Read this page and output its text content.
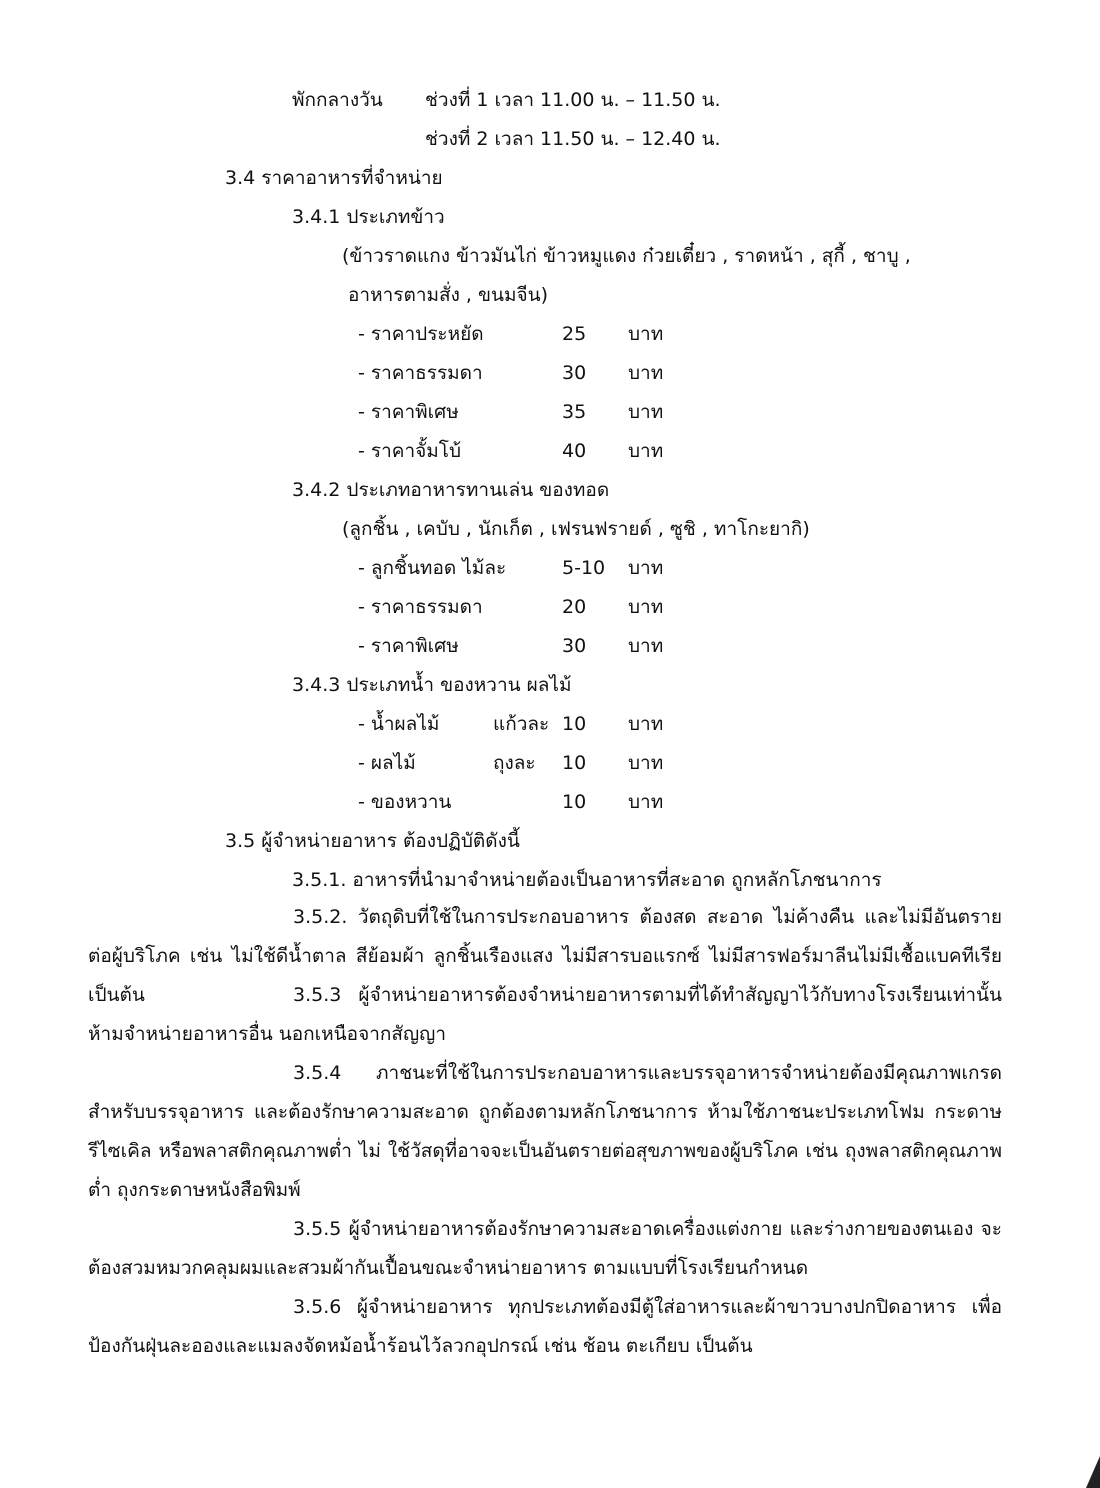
พักกลางวัน ช่วงที่ 1 เวลา 11.00 น. – 11.50 น.
ช่วงที่ 2 เวลา 11.50 น. – 12.40 น.
3.4 ราคาอาหารที่จำหน่าย
3.4.1 ประเภทข้าว
(ข้าวราดแกง ข้าวมันไก่ ข้าวหมูแดง ก๋วยเตี๋ยว , ราดหน้า , สุกี้ , ชาบู ,
อาหารตามสั่ง , ขนมจีน)
- ราคาประหยัด	25 บาท
- ราคาธรรมดา	30 บาท
- ราคาพิเศษ	35 บาท
- ราคาจั้มโบ้	40 บาท
3.4.2 ประเภทอาหารทานเล่น ของทอด
(ลูกชิ้น , เคบับ , นักเก็ต , เฟรนฟรายด์ , ซูชิ , ทาโกะยากิ)
- ลูกชิ้นทอด ไม้ละ	5-10 บาท
- ราคาธรรมดา	20 บาท
- ราคาพิเศษ	30 บาท
3.4.3 ประเภทน้ำ ของหวาน ผลไม้
- น้ำผลไม้	แก้วละ 10 บาท
- ผลไม้	ถุงละ 10 บาท
- ของหวาน	10 บาท
3.5 ผู้จำหน่ายอาหาร ต้องปฏิบัติดังนี้
3.5.1. อาหารที่นำมาจำหน่ายต้องเป็นอาหารที่สะอาด ถูกหลักโภชนาการ

3.5.2. วัตถุดิบที่ใช้ในการประกอบอาหาร ต้องสด สะอาด ไม่ค้างคืน และไม่มีอันตรายต่อผู้บริโภค เช่น ไม่ใช้ดีน้ำตาล สีย้อมผ้า ลูกชิ้นเรืองแสง ไม่มีสารบอแรกซ์ ไม่มีสารฟอร์มาลีนไม่มีเชื้อแบคทีเรีย เป็นต้น	3.5.3 ผู้จำหน่ายอาหารต้องจำหน่ายอาหารตามที่ได้ทำสัญญาไว้กับทางโรงเรียนเท่านั้น ห้ามจำหน่ายอาหารอื่น นอกเหนือจากสัญญา

3.5.4 ภาชนะที่ใช้ในการประกอบอาหารและบรรจุอาหารจำหน่ายต้องมีคุณภาพเกรดสำหรับบรรจุอาหาร และต้องรักษาความสะอาด ถูกต้องตามหลักโภชนาการ ห้ามใช้ภาชนะประเภทโฟม กระดาษรีไซเคิล หรือพลาสติกคุณภาพต่ำ ไม่ ใช้วัสดุที่อาจจะเป็นอันตรายต่อสุขภาพของผู้บริโภค เช่น ถุงพลาสติกคุณภาพต่ำ ถุงกระดาษหนังสือพิมพ์

3.5.5 ผู้จำหน่ายอาหารต้องรักษาความสะอาดเครื่องแต่งกาย และร่างกายของตนเอง จะต้องสวมหมวกคลุมผมและสวมผ้ากันเปื้อนขณะจำหน่ายอาหาร ตามแบบที่โรงเรียนกำหนด

3.5.6 ผู้จำหน่ายอาหาร ทุกประเภทต้องมีตู้ใส่อาหารและผ้าขาวบางปกปิดอาหาร เพื่อป้องกันฝุ่นละอองและแมลงจัดหม้อน้ำร้อนไว้ลวกอุปกรณ์ เช่น ช้อน ตะเกียบ เป็นต้น
